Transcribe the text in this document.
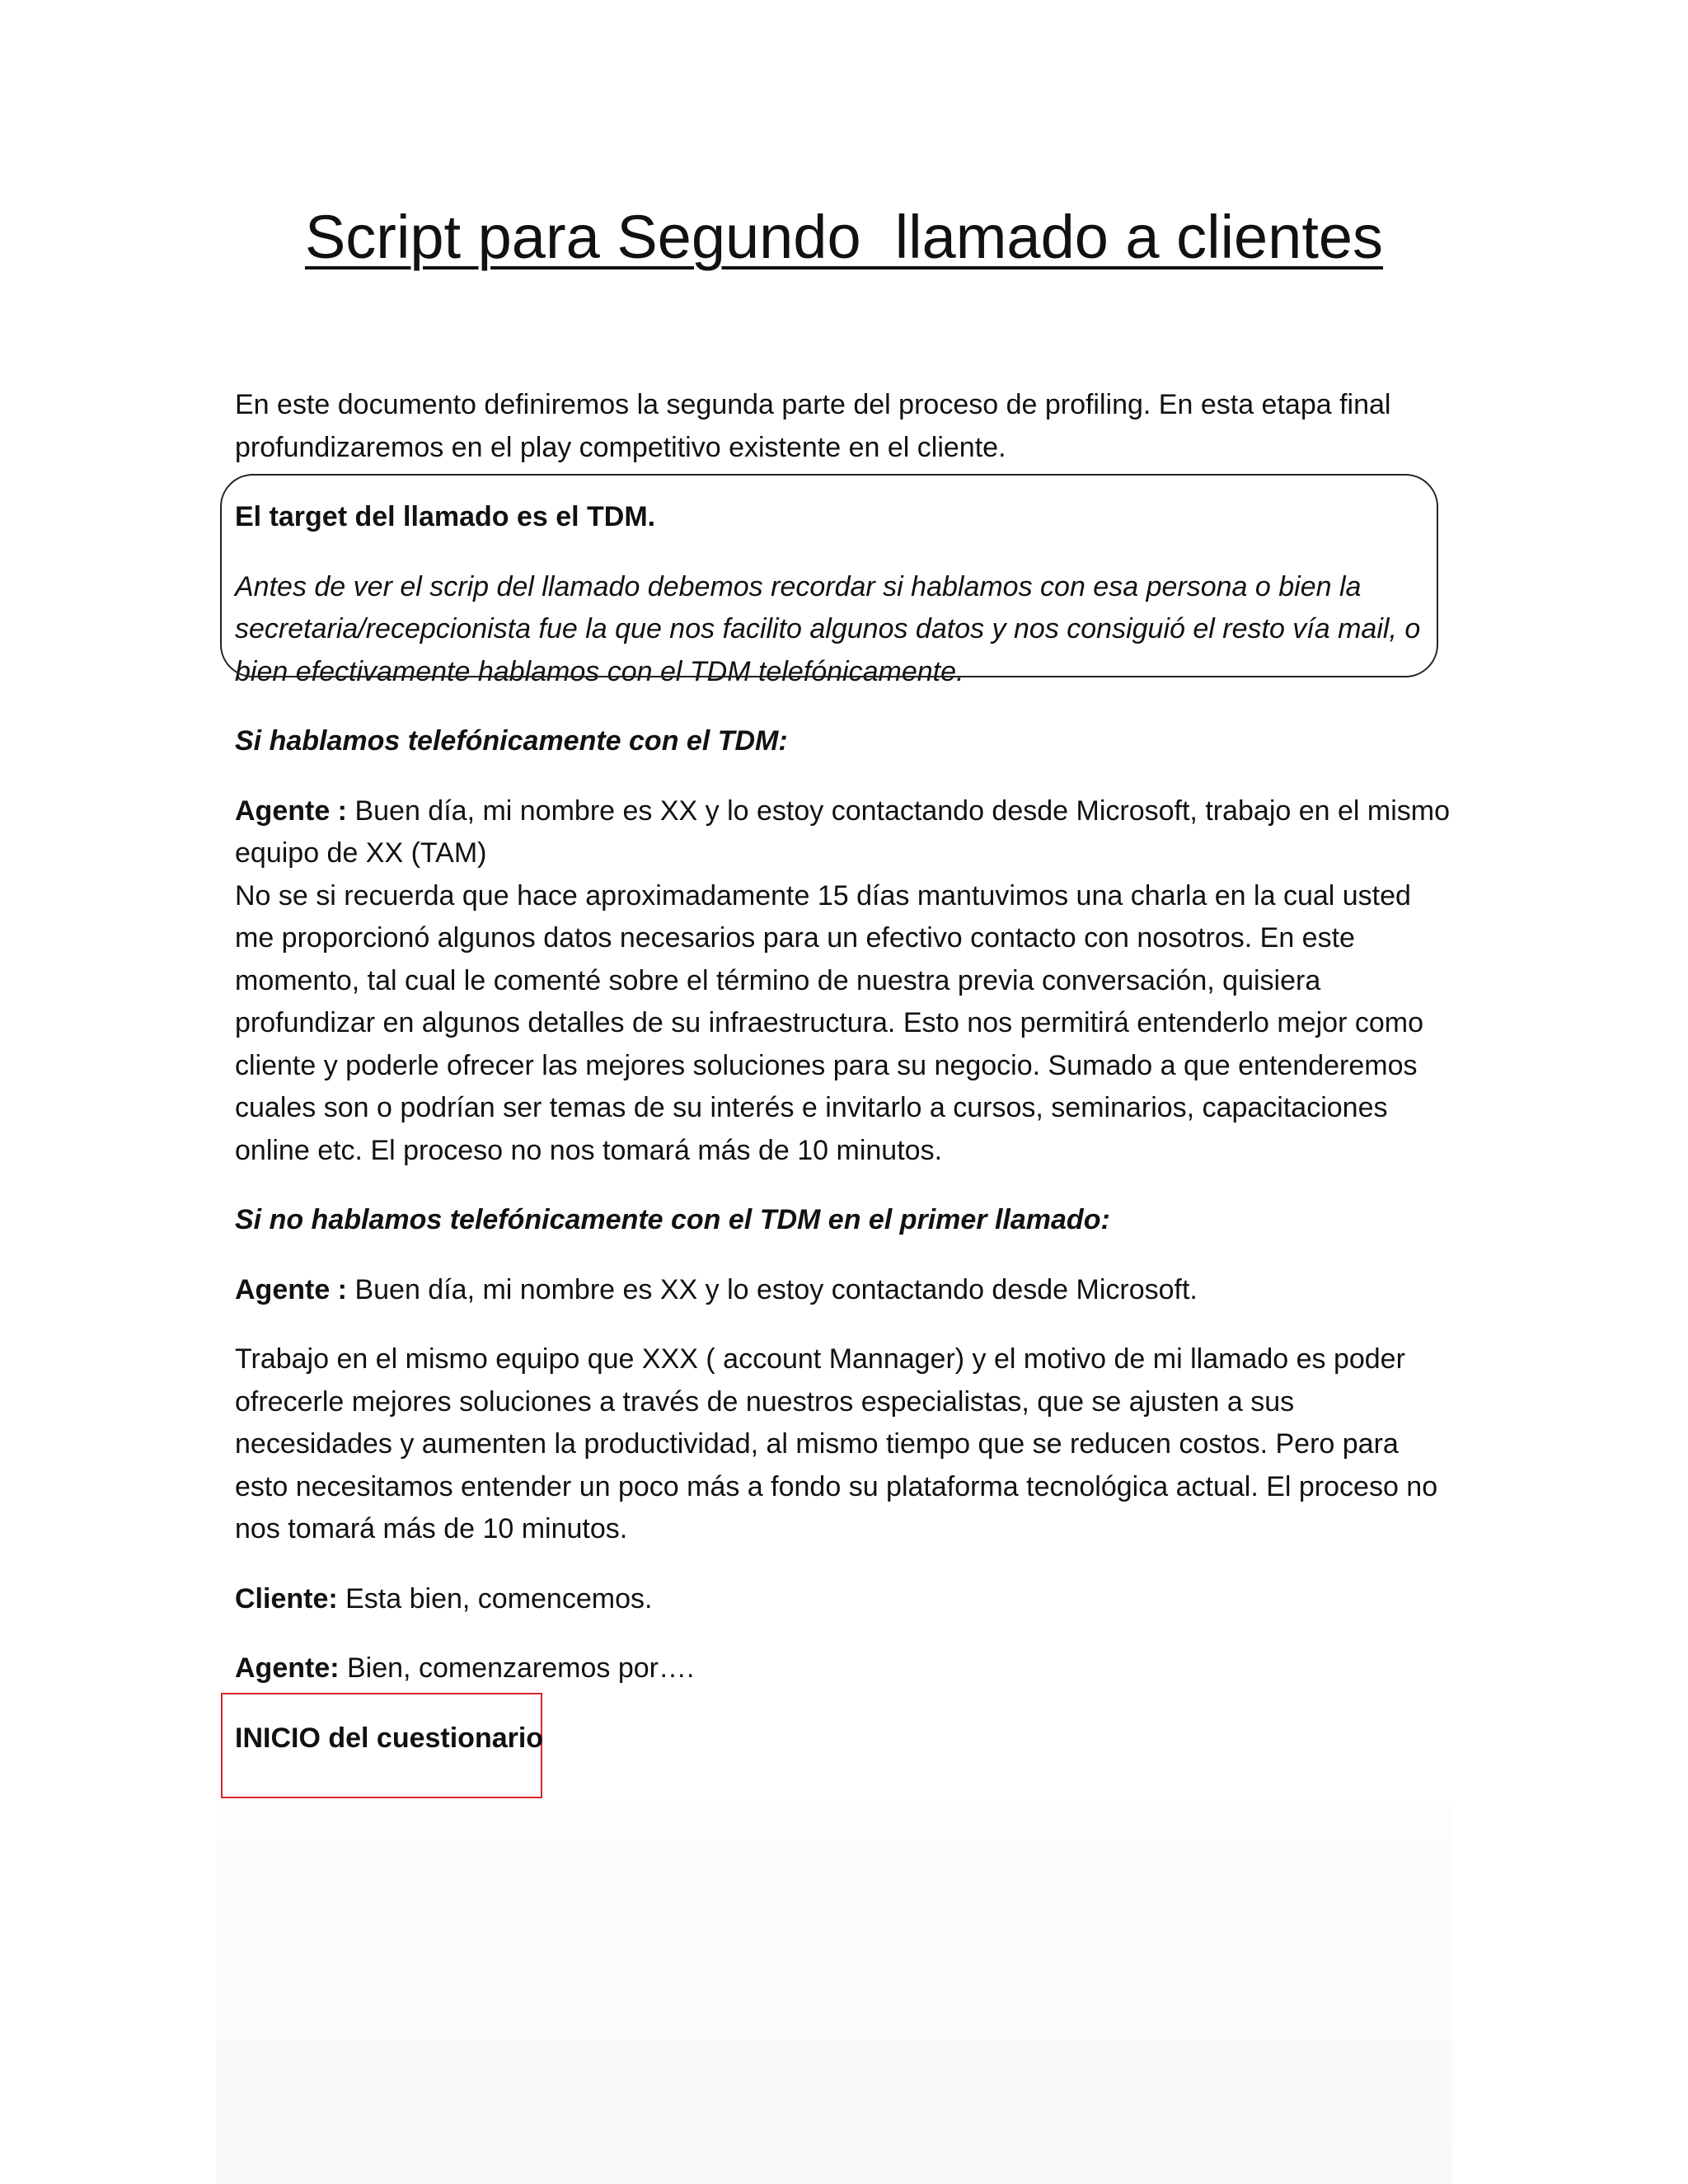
Script para Segundo  llamado a clientes

En este documento definiremos la segunda parte del proceso de profiling. En esta etapa final profundizaremos en el play competitivo existente en el cliente.

El target del llamado es el TDM.

Antes de ver el scrip del llamado debemos recordar si hablamos con esa persona o bien la secretaria/recepcionista fue la que nos facilito algunos datos y nos consiguió el resto vía mail, o bien efectivamente hablamos con el TDM telefónicamente.

Si hablamos telefónicamente con el TDM:

Agente : Buen día, mi nombre es XX y lo estoy contactando desde Microsoft, trabajo en el mismo equipo de XX (TAM)

No se si recuerda que hace aproximadamente 15 días mantuvimos una charla en la cual usted me proporcionó algunos datos necesarios para un efectivo contacto con nosotros. En este momento, tal cual le comenté sobre el término de nuestra previa conversación, quisiera profundizar en algunos detalles de su infraestructura. Esto nos permitirá entenderlo mejor como cliente y poderle ofrecer las mejores soluciones para su negocio. Sumado a que entenderemos cuales son o podrían ser temas de su interés e invitarlo a cursos, seminarios, capacitaciones online etc. El proceso no nos tomará más de 10 minutos.

Si no hablamos telefónicamente con el TDM en el primer llamado:

Agente : Buen día, mi nombre es XX y lo estoy contactando desde Microsoft.

Trabajo en el mismo equipo que XXX ( account Mannager) y el motivo de mi llamado es poder ofrecerle mejores soluciones a través de nuestros especialistas, que se ajusten a sus necesidades y aumenten la productividad, al mismo tiempo que se reducen costos. Pero para esto necesitamos entender un poco más a fondo su plataforma tecnológica actual. El proceso no nos tomará más de 10 minutos.

Cliente: Esta bien, comencemos.

Agente: Bien, comenzaremos por….

INICIO del cuestionario
